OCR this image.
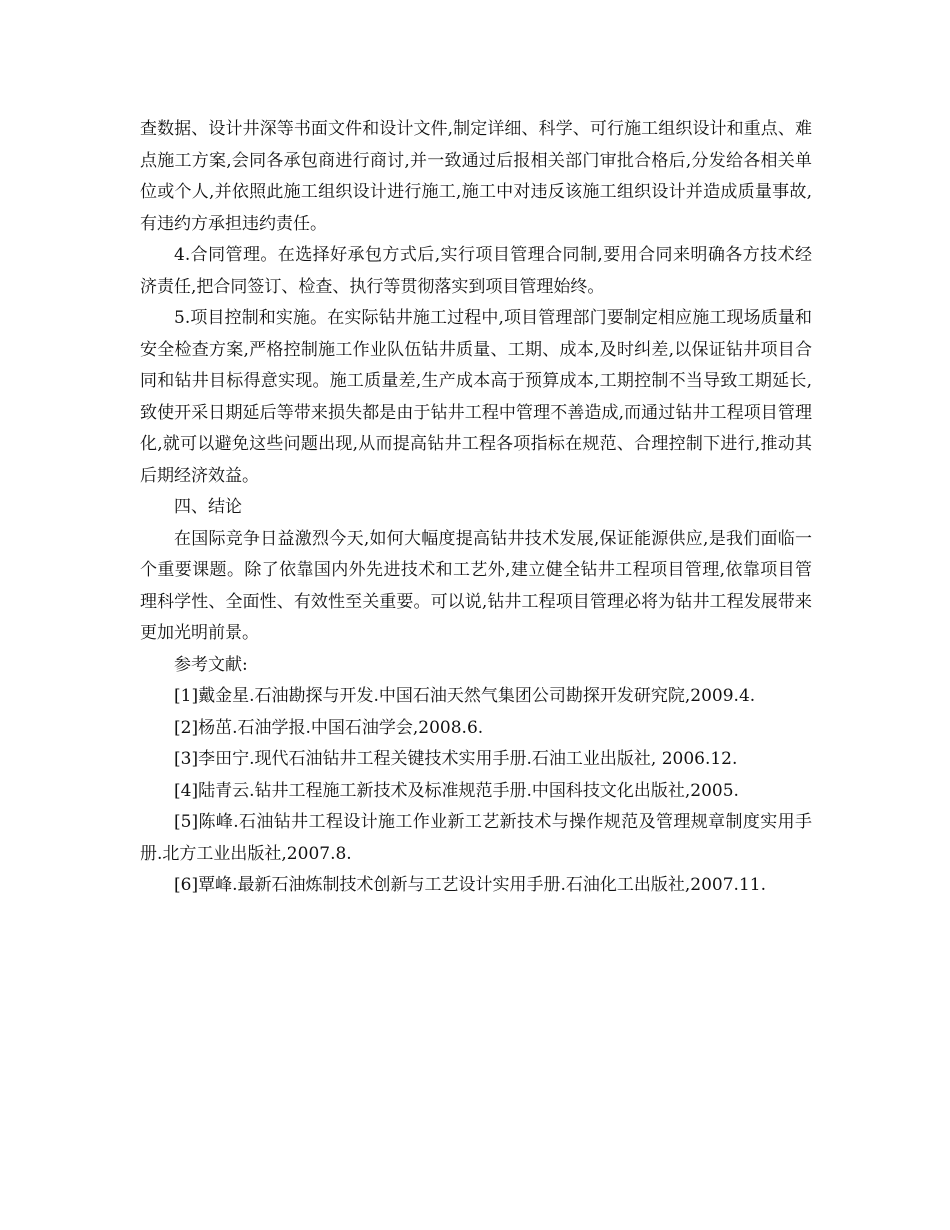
查数据、设计井深等书面文件和设计文件,制定详细、科学、可行施工组织设计和重点、难点施工方案,会同各承包商进行商讨,并一致通过后报相关部门审批合格后,分发给各相关单位或个人,并依照此施工组织设计进行施工,施工中对违反该施工组织设计并造成质量事故,有违约方承担违约责任。

4.合同管理。在选择好承包方式后,实行项目管理合同制,要用合同来明确各方技术经济责任,把合同签订、检查、执行等贯彻落实到项目管理始终。

5.项目控制和实施。在实际钻井施工过程中,项目管理部门要制定相应施工现场质量和安全检查方案,严格控制施工作业队伍钻井质量、工期、成本,及时纠差,以保证钻井项目合同和钻井目标得意实现。施工质量差,生产成本高于预算成本,工期控制不当导致工期延长,致使开采日期延后等带来损失都是由于钻井工程中管理不善造成,而通过钻井工程项目管理化,就可以避免这些问题出现,从而提高钻井工程各项指标在规范、合理控制下进行,推动其后期经济效益。

四、结论

在国际竞争日益激烈今天,如何大幅度提高钻井技术发展,保证能源供应,是我们面临一个重要课题。除了依靠国内外先进技术和工艺外,建立健全钻井工程项目管理,依靠项目管理科学性、全面性、有效性至关重要。可以说,钻井工程项目管理必将为钻井工程发展带来更加光明前景。

参考文献:

[1]戴金星.石油勘探与开发.中国石油天然气集团公司勘探开发研究院,2009.4.

[2]杨茁.石油学报.中国石油学会,2008.6.

[3]李田宁.现代石油钻井工程关键技术实用手册.石油工业出版社, 2006.12.

[4]陆青云.钻井工程施工新技术及标准规范手册.中国科技文化出版社,2005.

[5]陈峰.石油钻井工程设计施工作业新工艺新技术与操作规范及管理规章制度实用手册.北方工业出版社,2007.8.

[6]覃峰.最新石油炼制技术创新与工艺设计实用手册.石油化工出版社,2007.11.
